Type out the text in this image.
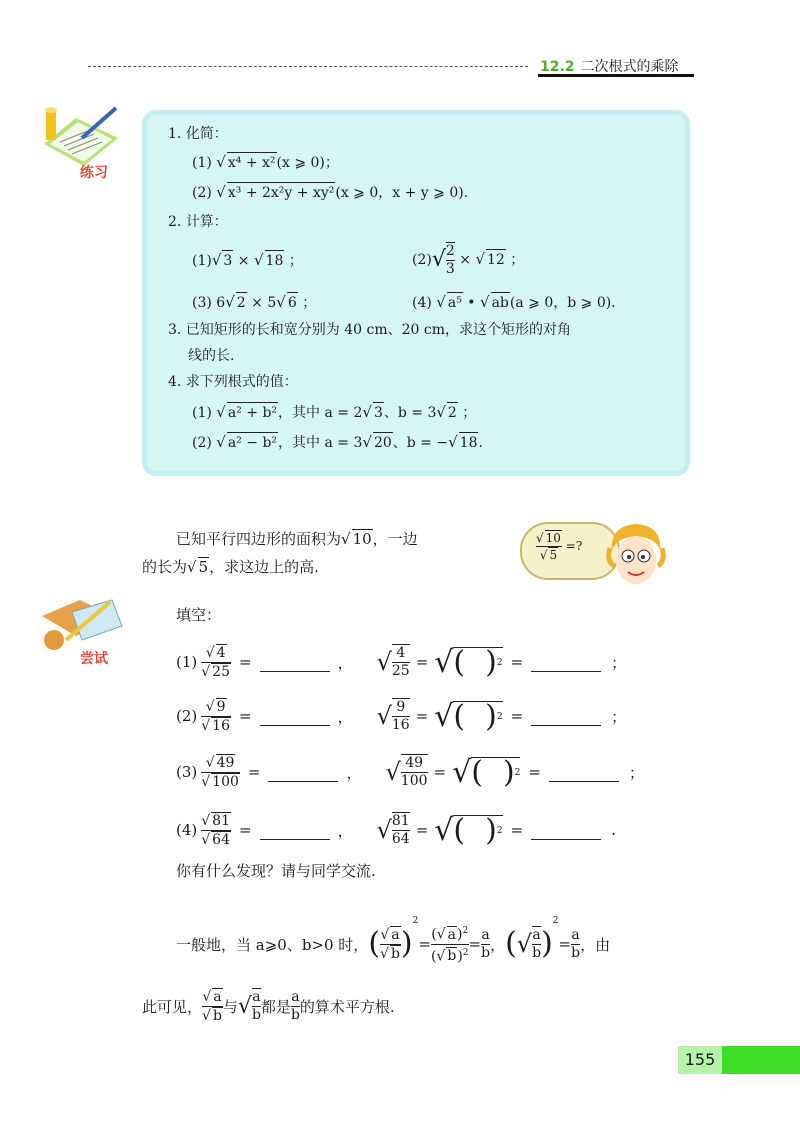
12.2 二次根式的乘除
练习
1. 化简：
(1) √ x⁴ + x²(x ⩾ 0)；
(2) √ x³ + 2x²y + xy²(x ⩾ 0，x + y ⩾ 0).
2. 计算：
(1)√ 3 × √ 18 ；	$(2)√ \frac{2}{3}$ × √ 12 ；
(3) 6√ 2 × 5√ 6 ；	(4) √ a⁵ • √ ab(a ⩾ 0，b ⩾ 0).
3. 已知矩形的长和宽分别为 40 cm、20 cm，求这个矩形的对角
线的长.
4. 求下列根式的值：
(1) √ a² + b²，其中 a = 2√ 3、b = 3√ 2 ；
(2) √ a² − b²，其中 a = 3√ 20、b = −√ 18.
已知平行四边形的面积为√ 10，一边
的长为√ 5，求这边上的高.
$\frac{√ 10}{√ 5}$ =?
尝试
填空：
$(1) \frac{√ 4}{√ 25}$ =	， √ $\frac{4}{25}$ = √ ( ) 2 =	；
$(2) \frac{√ 9}{√ 16}$ =	， √ $\frac{9}{16}$ = √ ( ) 2 =	；
$(3) \frac{√ 49}{√ 100}$ =	， √ $\frac{49}{100}$ = √ ( ) 2 =	；
$(4) \frac{√ 81}{√ 64}$ =	， √ $\frac{81}{64}$ = √ ( ) 2 =	.
你有什么发现？请与同学交流.
一般地，当 a⩾0、b>0 时， ( $\frac{√ a}{√ b}$ )
2
= $\frac{(√ a)^2}{(√ b)^2} = \frac{a}{b}$ ， ( √ $\frac{a}{b}$ )
2
= $\frac{a}{b}$ ，由
此可见， $\frac{√ a}{√ b}$ 与 √ $\frac{a}{b}$ 都是 $\frac{a}{b}$ 的算术平方根.
155
